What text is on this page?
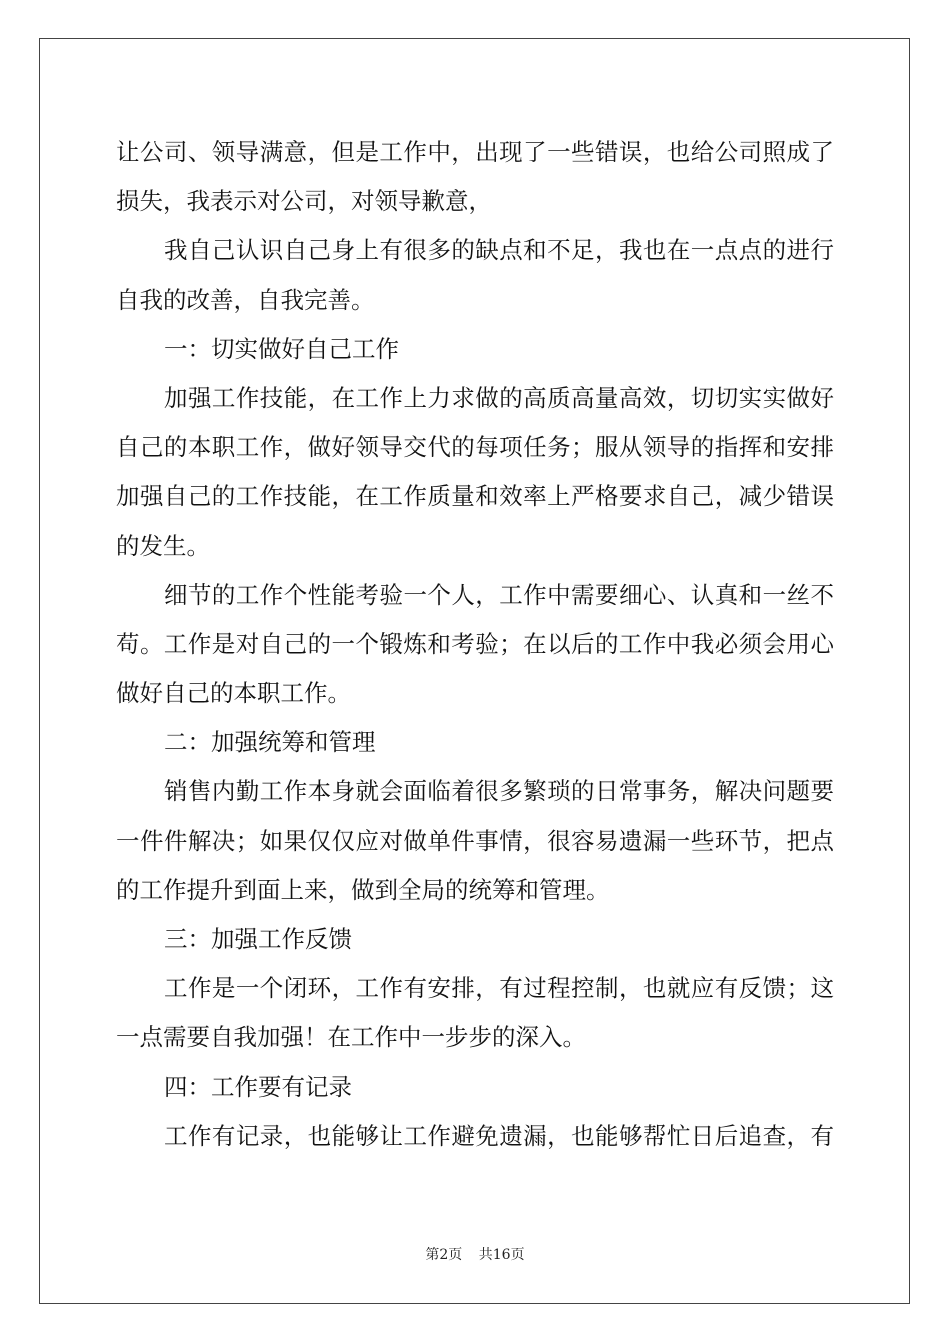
让公司、领导满意，但是工作中，出现了一些错误，也给公司照成了
损失，我表示对公司，对领导歉意，
我自己认识自己身上有很多的缺点和不足，我也在一点点的进行
自我的改善，自我完善。
一：切实做好自己工作
加强工作技能，在工作上力求做的高质高量高效，切切实实做好
自己的本职工作，做好领导交代的每项任务；服从领导的指挥和安排
加强自己的工作技能，在工作质量和效率上严格要求自己，减少错误
的发生。
细节的工作个性能考验一个人，工作中需要细心、认真和一丝不
苟。工作是对自己的一个锻炼和考验；在以后的工作中我必须会用心
做好自己的本职工作。
二：加强统筹和管理
销售内勤工作本身就会面临着很多繁琐的日常事务，解决问题要
一件件解决；如果仅仅应对做单件事情，很容易遗漏一些环节，把点
的工作提升到面上来，做到全局的统筹和管理。
三：加强工作反馈
工作是一个闭环，工作有安排，有过程控制，也就应有反馈；这
一点需要自我加强！在工作中一步步的深入。
四：工作要有记录
工作有记录，也能够让工作避免遗漏，也能够帮忙日后追查，有
第2页 共16页
